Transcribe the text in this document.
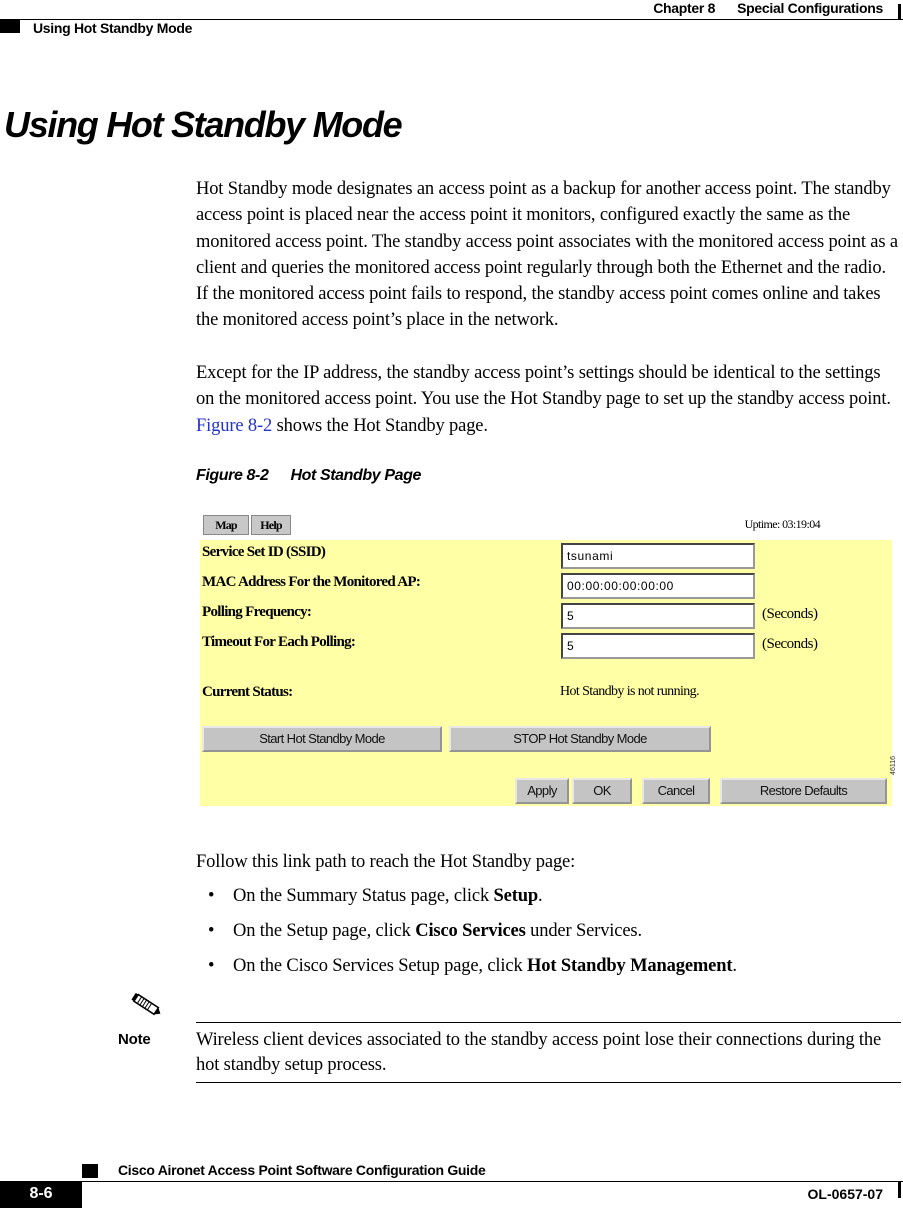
Chapter 8 Special Configurations
Using Hot Standby Mode
Using Hot Standby Mode

Hot Standby mode designates an access point as a backup for another access point. The standby access point is placed near the access point it monitors, configured exactly the same as the monitored access point. The standby access point associates with the monitored access point as a client and queries the monitored access point regularly through both the Ethernet and the radio. If the monitored access point fails to respond, the standby access point comes online and takes the monitored access point’s place in the network.

Except for the IP address, the standby access point’s settings should be identical to the settings on the monitored access point. You use the Hot Standby page to set up the standby access point. Figure 8-2 shows the Hot Standby page.

Figure 8-2 Hot Standby Page
Map	Help	Uptime: 03:19:04
Service Set ID (SSID)	tsunami
MAC Address For the Monitored AP:	00:00:00:00:00:00
Polling Frequency:	5	(Seconds)
Timeout For Each Polling:	5	(Seconds)
Current Status:	Hot Standby is not running.
Start Hot Standby Mode	STOP Hot Standby Mode
Apply	OK	Cancel	Restore Defaults
46116

Follow this link path to reach the Hot Standby page:

• On the Summary Status page, click Setup.
• On the Setup page, click Cisco Services under Services.
• On the Cisco Services Setup page, click Hot Standby Management.
Note Wireless client devices associated to the standby access point lose their connections during the hot standby setup process.

Cisco Aironet Access Point Software Configuration Guide
8-6	OL-0657-07
